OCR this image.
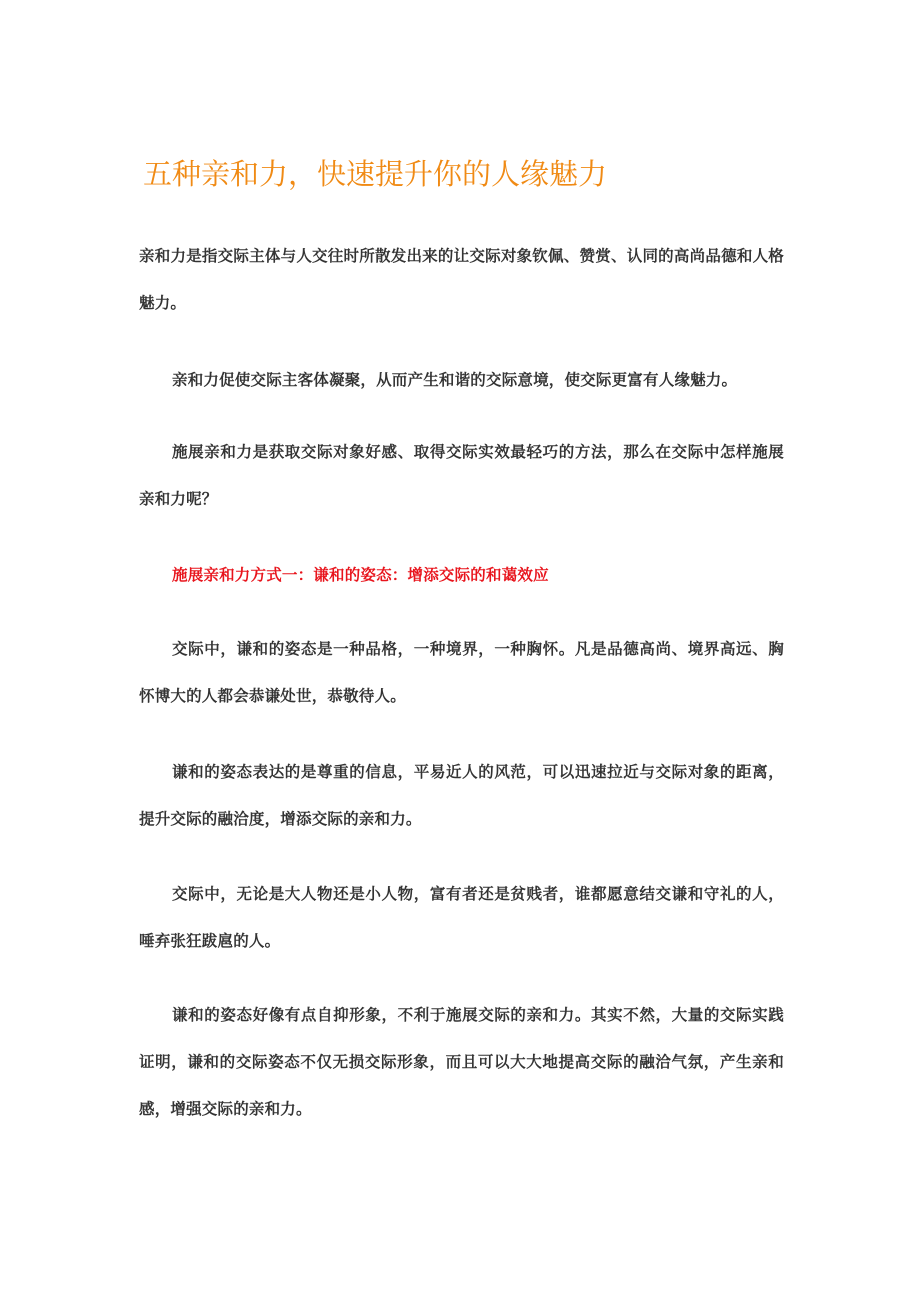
五种亲和力，快速提升你的人缘魅力

亲和力是指交际主体与人交往时所散发出来的让交际对象钦佩、赞赏、认同的高尚品德和人格魅力。

亲和力促使交际主客体凝聚，从而产生和谐的交际意境，使交际更富有人缘魅力。

施展亲和力是获取交际对象好感、取得交际实效最轻巧的方法，那么在交际中怎样施展亲和力呢？

施展亲和力方式一：谦和的姿态：增添交际的和蔼效应

交际中，谦和的姿态是一种品格，一种境界，一种胸怀。凡是品德高尚、境界高远、胸怀博大的人都会恭谦处世，恭敬待人。

谦和的姿态表达的是尊重的信息，平易近人的风范，可以迅速拉近与交际对象的距离，提升交际的融洽度，增添交际的亲和力。

交际中，无论是大人物还是小人物，富有者还是贫贱者，谁都愿意结交谦和守礼的人，唾弃张狂跋扈的人。

谦和的姿态好像有点自抑形象，不利于施展交际的亲和力。其实不然，大量的交际实践证明，谦和的交际姿态不仅无损交际形象，而且可以大大地提高交际的融洽气氛，产生亲和感，增强交际的亲和力。
